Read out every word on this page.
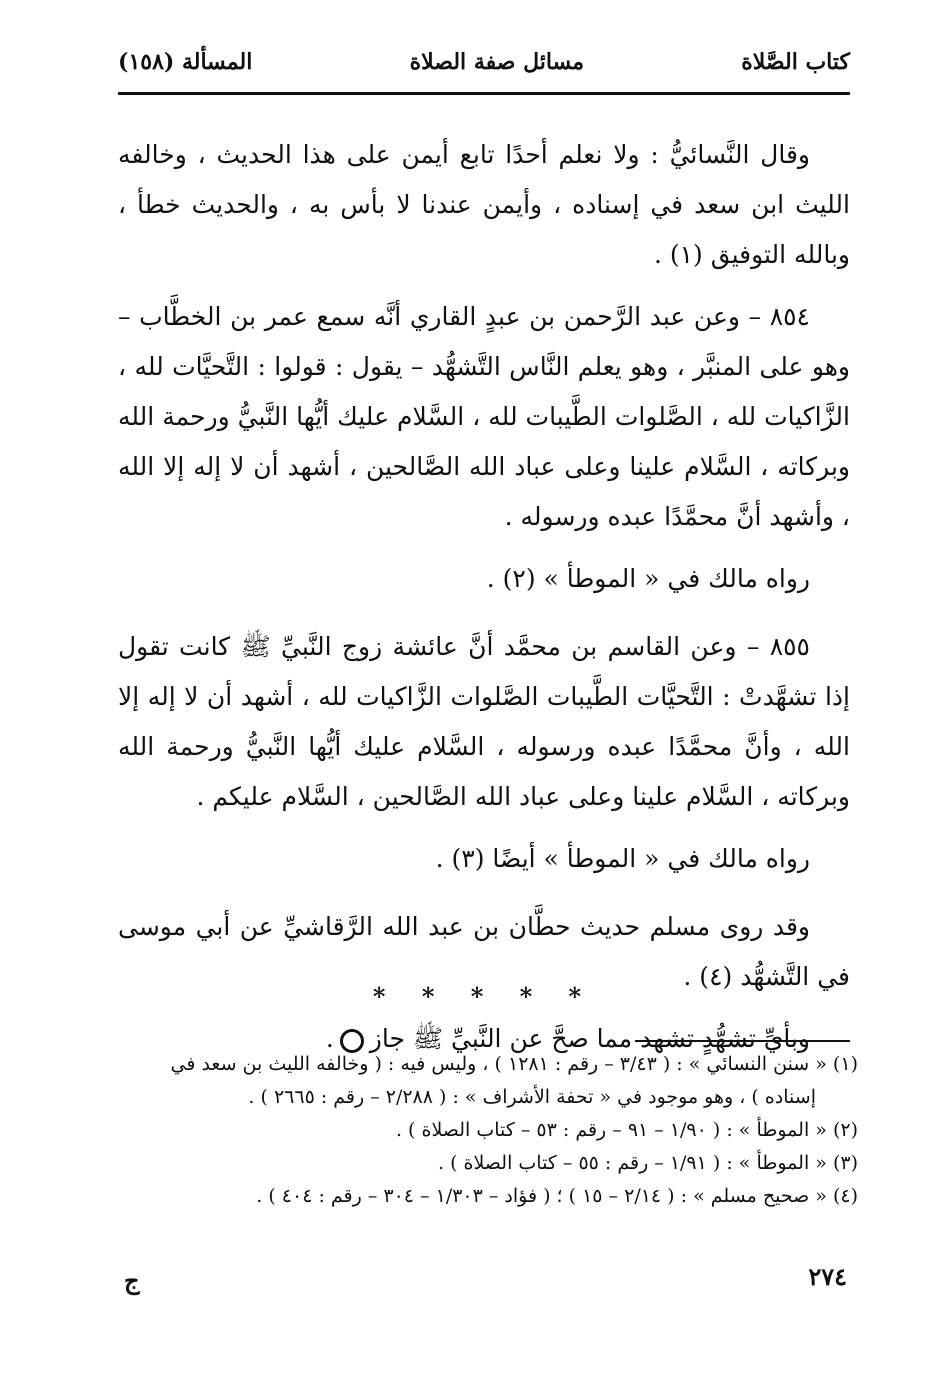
كتاب الصَّلاة
مسائل صفة الصلاة
المسألة (١٥٨)

وقال النَّسائيُّ : ولا نعلم أحدًا تابع أيمن على هذا الحديث ، وخالفه الليث ابن سعد في إسناده ، وأيمن عندنا لا بأس به ، والحديث خطأ ، وبالله التوفيق (١) .

٨٥٤ – وعن عبد الرَّحمن بن عبدٍ القاري أنَّه سمع عمر بن الخطَّاب – وهو على المنبَّر ، وهو يعلم النَّاس التَّشهُّد – يقول : قولوا : التَّحيَّات لله ، الزَّاكيات لله ، الصَّلوات الطَّيبات لله ، السَّلام عليك أيُّها النَّبيُّ ورحمة الله وبركاته ، السَّلام علينا وعلى عباد الله الصَّالحين ، أشهد أن لا إله إلا الله ، وأشهد أنَّ محمَّدًا عبده ورسوله .

رواه مالك في « الموطأ » (٢) .

٨٥٥ – وعن القاسم بن محمَّد أنَّ عائشة زوج النَّبيِّ ﷺ كانت تقول إذا تشهَّدتْ : التَّحيَّات الطَّيبات الصَّلوات الزَّاكيات لله ، أشهد أن لا إله إلا الله ، وأنَّ محمَّدًا عبده ورسوله ، السَّلام عليك أيُّها النَّبيُّ ورحمة الله وبركاته ، السَّلام علينا وعلى عباد الله الصَّالحين ، السَّلام عليكم .

رواه مالك في « الموطأ » أيضًا (٣) .

وقد روى مسلم حديث حطَّان بن عبد الله الرَّقاشيِّ عن أبي موسى في التَّشهُّد (٤) .

وبأيِّ تشهُّدٍ تشهد مما صحَّ عن النَّبيِّ ﷺ جاز.

* * * * *
(١) « سنن النسائي » : ( ٣/٤٣ – رقم : ١٢٨١ ) ، وليس فيه : ( وخالفه الليث بن سعد في
إسناده ) ، وهو موجود في « تحفة الأشراف » : ( ٢/٢٨٨ – رقم : ٢٦٦٥ ) .
(٢) « الموطأ » : ( ١/٩٠ – ٩١ – رقم : ٥٣ – كتاب الصلاة ) .
(٣) « الموطأ » : ( ١/٩١ – رقم : ٥٥ – كتاب الصلاة ) .
(٤) « صحيح مسلم » : ( ٢/١٤ – ١٥ ) ؛ ( فؤاد – ١/٣٠٣ – ٣٠٤ – رقم : ٤٠٤ ) .
٢٧٤
ج
